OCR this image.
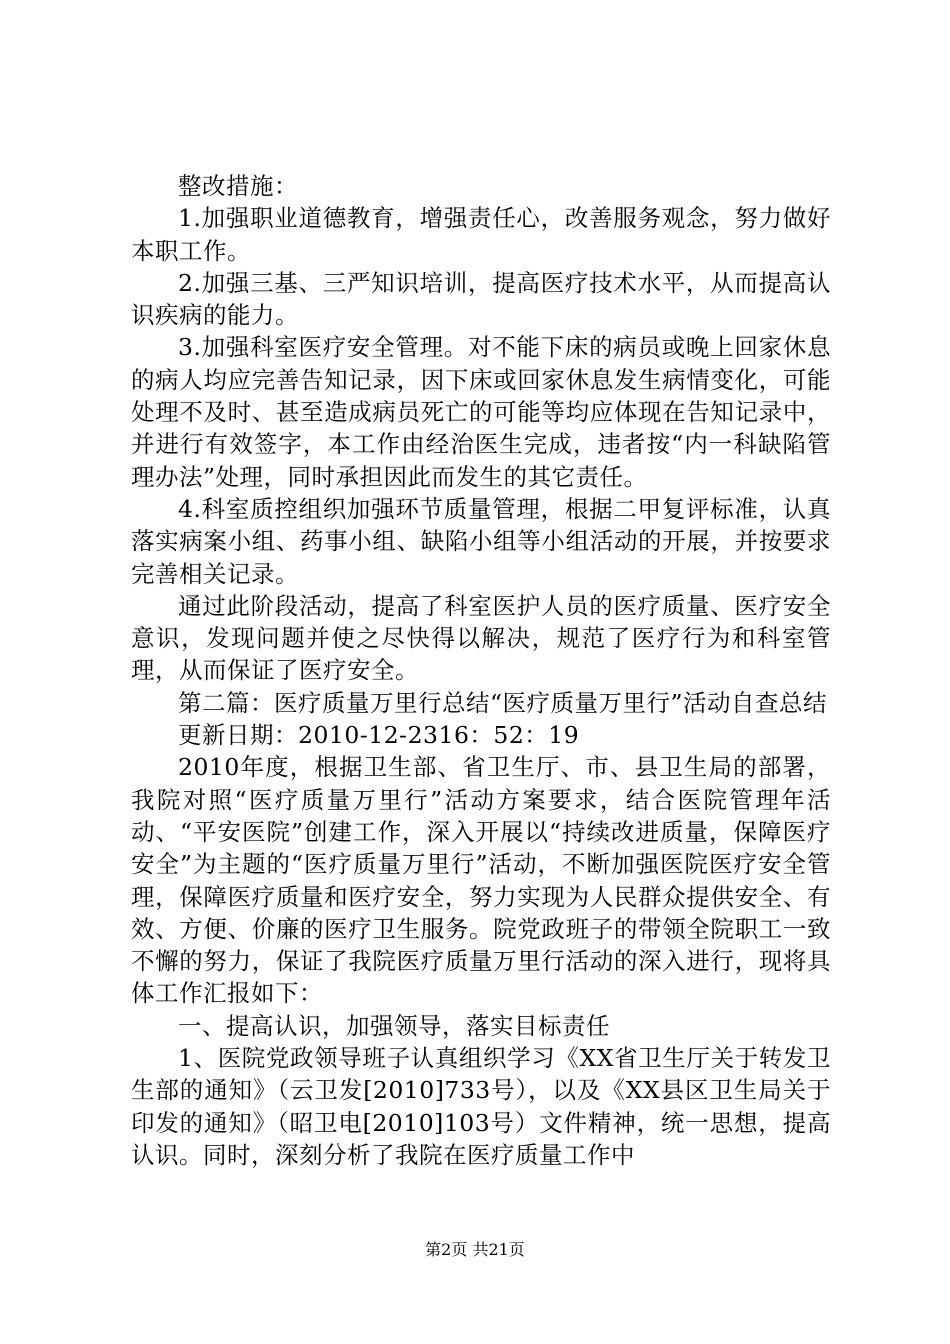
整改措施：

1.加强职业道德教育，增强责任心，改善服务观念，努力做好本职工作。

2.加强三基、三严知识培训，提高医疗技术水平，从而提高认识疾病的能力。

3.加强科室医疗安全管理。对不能下床的病员或晚上回家休息的病人均应完善告知记录，因下床或回家休息发生病情变化，可能处理不及时、甚至造成病员死亡的可能等均应体现在告知记录中，并进行有效签字，本工作由经治医生完成，违者按“内一科缺陷管理办法”处理，同时承担因此而发生的其它责任。

4.科室质控组织加强环节质量管理，根据二甲复评标准，认真落实病案小组、药事小组、缺陷小组等小组活动的开展，并按要求完善相关记录。

通过此阶段活动，提高了科室医护人员的医疗质量、医疗安全意识，发现问题并使之尽快得以解决，规范了医疗行为和科室管理，从而保证了医疗安全。

第二篇：医疗质量万里行总结“医疗质量万里行”活动自查总结

更新日期：2010-12-2316：52：19

2010年度，根据卫生部、省卫生厅、市、县卫生局的部署，我院对照“医疗质量万里行”活动方案要求，结合医院管理年活动、“平安医院”创建工作，深入开展以“持续改进质量，保障医疗安全”为主题的“医疗质量万里行”活动，不断加强医院医疗安全管理，保障医疗质量和医疗安全，努力实现为人民群众提供安全、有效、方便、价廉的医疗卫生服务。院党政班子的带领全院职工一致不懈的努力，保证了我院医疗质量万里行活动的深入进行，现将具体工作汇报如下：

一、提高认识，加强领导，落实目标责任

1、医院党政领导班子认真组织学习《XX省卫生厅关于转发卫生部的通知》（云卫发[2010]733号），以及《XX县区卫生局关于印发的通知》（昭卫电[2010]103号）文件精神，统一思想，提高认识。同时，深刻分析了我院在医疗质量工作中

第2页 共21页
